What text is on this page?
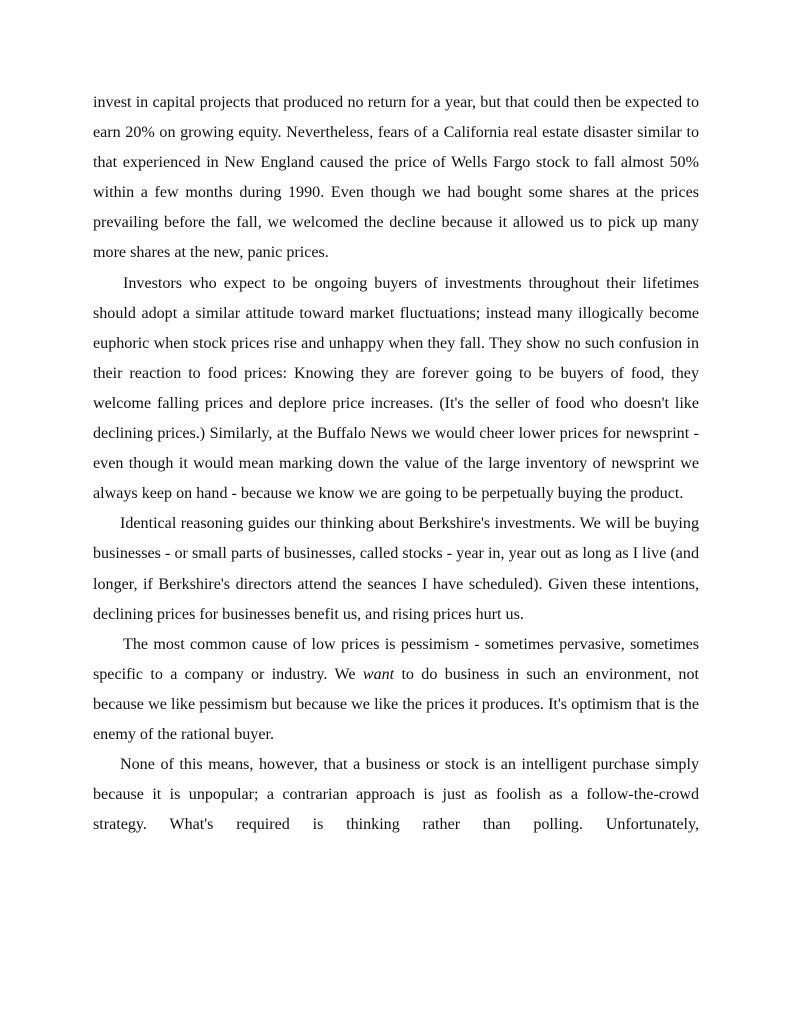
invest in capital projects that produced no return for a year, but that could then be expected to earn 20% on growing equity. Nevertheless, fears of a California real estate disaster similar to that experienced in New England caused the price of Wells Fargo stock to fall almost 50% within a few months during 1990. Even though we had bought some shares at the prices prevailing before the fall, we welcomed the decline because it allowed us to pick up many more shares at the new, panic prices.

Investors who expect to be ongoing buyers of investments throughout their lifetimes should adopt a similar attitude toward market fluctuations; instead many illogically become euphoric when stock prices rise and unhappy when they fall. They show no such confusion in their reaction to food prices: Knowing they are forever going to be buyers of food, they welcome falling prices and deplore price increases. (It's the seller of food who doesn't like declining prices.) Similarly, at the Buffalo News we would cheer lower prices for newsprint - even though it would mean marking down the value of the large inventory of newsprint we always keep on hand - because we know we are going to be perpetually buying the product.

Identical reasoning guides our thinking about Berkshire's investments. We will be buying businesses - or small parts of businesses, called stocks - year in, year out as long as I live (and longer, if Berkshire's directors attend the seances I have scheduled). Given these intentions, declining prices for businesses benefit us, and rising prices hurt us.

The most common cause of low prices is pessimism - sometimes pervasive, sometimes specific to a company or industry. We want to do business in such an environment, not because we like pessimism but because we like the prices it produces. It's optimism that is the enemy of the rational buyer.

None of this means, however, that a business or stock is an intelligent purchase simply because it is unpopular; a contrarian approach is just as foolish as a follow-the-crowd strategy. What's required is thinking rather than polling. Unfortunately,
